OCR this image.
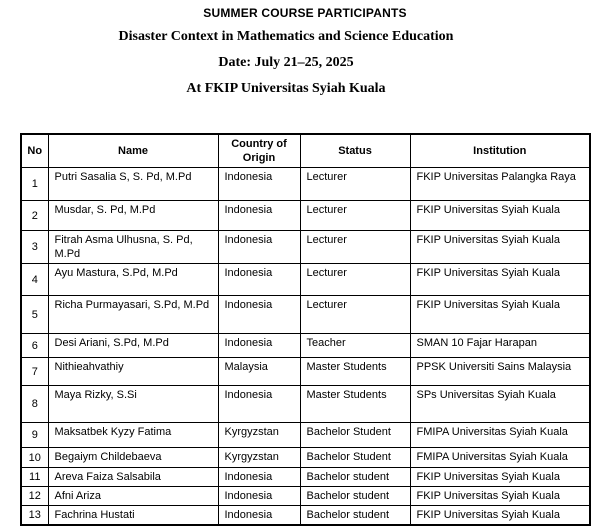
SUMMER COURSE PARTICIPANTS
Disaster Context in Mathematics and Science Education
Date: July 21–25, 2025
At FKIP Universitas Syiah Kuala
No	Name	Country of Origin	Status	Institution
1	Putri Sasalia S, S. Pd, M.Pd	Indonesia	Lecturer	FKIP Universitas Palangka Raya
2	Musdar, S. Pd, M.Pd	Indonesia	Lecturer	FKIP Universitas Syiah Kuala
3	Fitrah Asma Ulhusna, S. Pd, M.Pd	Indonesia	Lecturer	FKIP Universitas Syiah Kuala
4	Ayu Mastura, S.Pd, M.Pd	Indonesia	Lecturer	FKIP Universitas Syiah Kuala
5	Richa Purmayasari, S.Pd, M.Pd	Indonesia	Lecturer	FKIP Universitas Syiah Kuala
6	Desi Ariani, S.Pd, M.Pd	Indonesia	Teacher	SMAN 10 Fajar Harapan
7	Nithieahvathiy	Malaysia	Master Students	PPSK Universiti Sains Malaysia
8	Maya Rizky, S.Si	Indonesia	Master Students	SPs Universitas Syiah Kuala
9	Maksatbek Kyzy Fatima	Kyrgyzstan	Bachelor Student	FMIPA Universitas Syiah Kuala
10	Begaiym Childebaeva	Kyrgyzstan	Bachelor Student	FMIPA Universitas Syiah Kuala
11	Areva Faiza Salsabila	Indonesia	Bachelor student	FKIP Universitas Syiah Kuala
12	Afni Ariza	Indonesia	Bachelor student	FKIP Universitas Syiah Kuala
13	Fachrina Hustati	Indonesia	Bachelor student	FKIP Universitas Syiah Kuala
